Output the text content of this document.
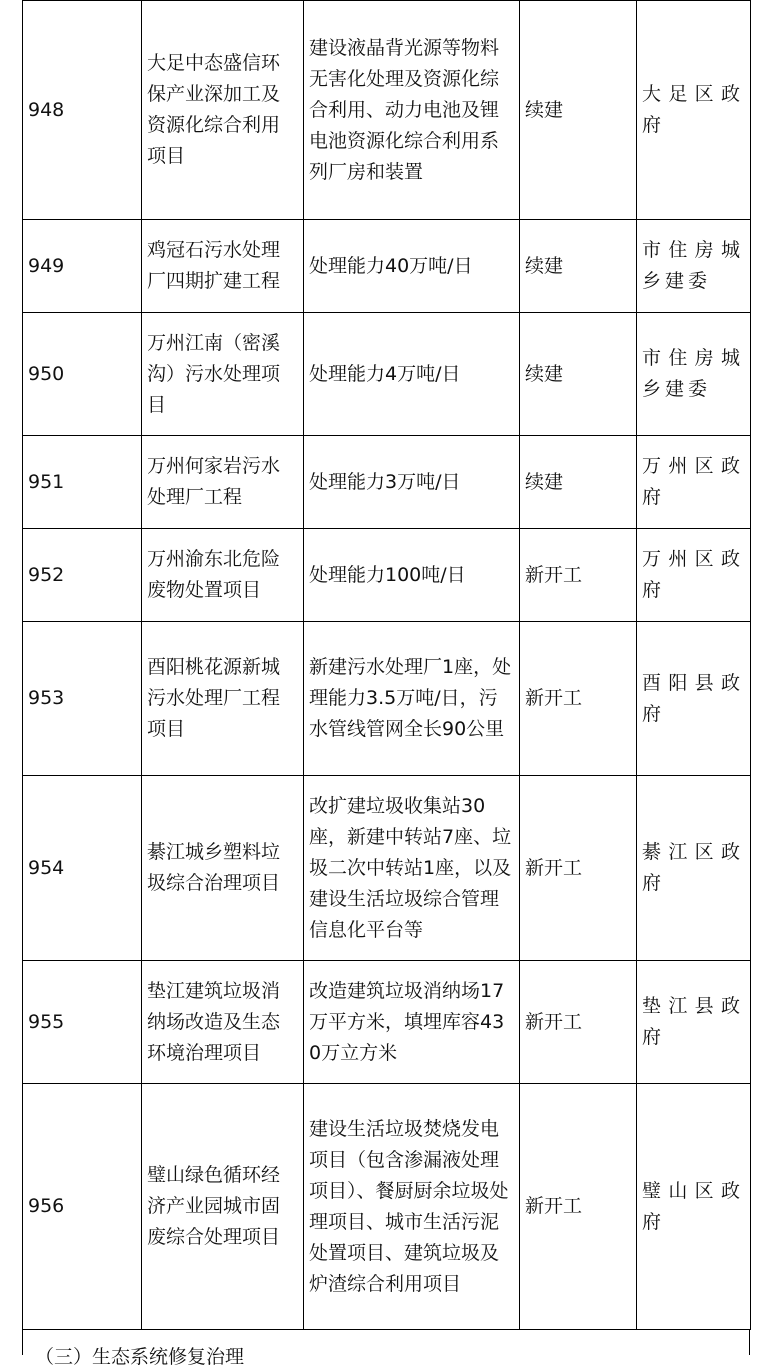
948	大足中态盛信环保产业深加工及资源化综合利用项目	建设液晶背光源等物料无害化处理及资源化综合利用、动力电池及锂电池资源化综合利用系列厂房和装置	续建	大足区政府
949	鸡冠石污水处理厂四期扩建工程	处理能力40万吨/日	续建	市住房城乡建委
950	万州江南（密溪沟）污水处理项目	处理能力4万吨/日	续建	市住房城乡建委
951	万州何家岩污水处理厂工程	处理能力3万吨/日	续建	万州区政府
952	万州渝东北危险废物处置项目	处理能力100吨/日	新开工	万州区政府
953	酉阳桃花源新城污水处理厂工程项目	新建污水处理厂1座，处理能力3.5万吨/日，污水管线管网全长90公里	新开工	酉阳县政府
954	綦江城乡塑料垃圾综合治理项目	改扩建垃圾收集站30座，新建中转站7座、垃圾二次中转站1座，以及建设生活垃圾综合管理信息化平台等	新开工	綦江区政府
955	垫江建筑垃圾消纳场改造及生态环境治理项目	改造建筑垃圾消纳场17万平方米，填埋库容430万立方米	新开工	垫江县政府
956	璧山绿色循环经济产业园城市固废综合处理项目	建设生活垃圾焚烧发电项目（包含渗漏液处理项目）、餐厨厨余垃圾处理项目、城市生活污泥处置项目、建筑垃圾及炉渣综合利用项目	新开工	璧山区政府
（三）生态系统修复治理
